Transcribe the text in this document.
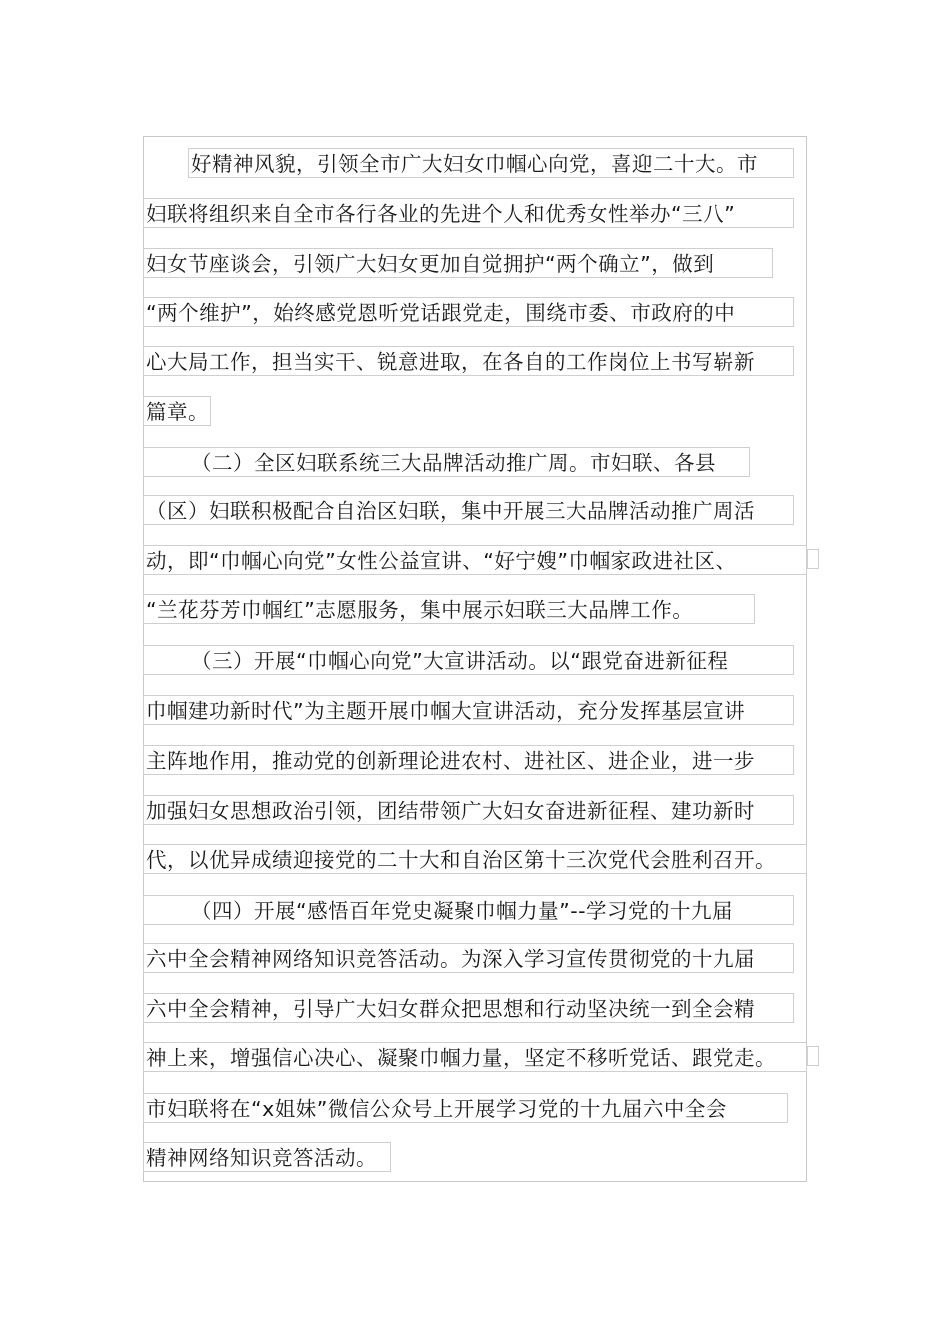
好精神风貌，引领全市广大妇女巾帼心向党，喜迎二十大。市
妇联将组织来自全市各行各业的先进个人和优秀女性举办“三八”
妇女节座谈会，引领广大妇女更加自觉拥护“两个确立”，做到
“两个维护”，始终感党恩听党话跟党走，围绕市委、市政府的中
心大局工作，担当实干、锐意进取，在各自的工作岗位上书写崭新
篇章。
（二）全区妇联系统三大品牌活动推广周。市妇联、各县
（区）妇联积极配合自治区妇联，集中开展三大品牌活动推广周活
动，即“巾帼心向党”女性公益宣讲、“好宁嫂”巾帼家政进社区、
“兰花芬芳巾帼红”志愿服务，集中展示妇联三大品牌工作。
（三）开展“巾帼心向党”大宣讲活动。以“跟党奋进新征程
巾帼建功新时代”为主题开展巾帼大宣讲活动，充分发挥基层宣讲
主阵地作用，推动党的创新理论进农村、进社区、进企业，进一步
加强妇女思想政治引领，团结带领广大妇女奋进新征程、建功新时
代，以优异成绩迎接党的二十大和自治区第十三次党代会胜利召开。
（四）开展“感悟百年党史凝聚巾帼力量”--学习党的十九届
六中全会精神网络知识竞答活动。为深入学习宣传贯彻党的十九届
六中全会精神，引导广大妇女群众把思想和行动坚决统一到全会精
神上来，增强信心决心、凝聚巾帼力量，坚定不移听党话、跟党走。
市妇联将在“x姐妹”微信公众号上开展学习党的十九届六中全会
精神网络知识竞答活动。
